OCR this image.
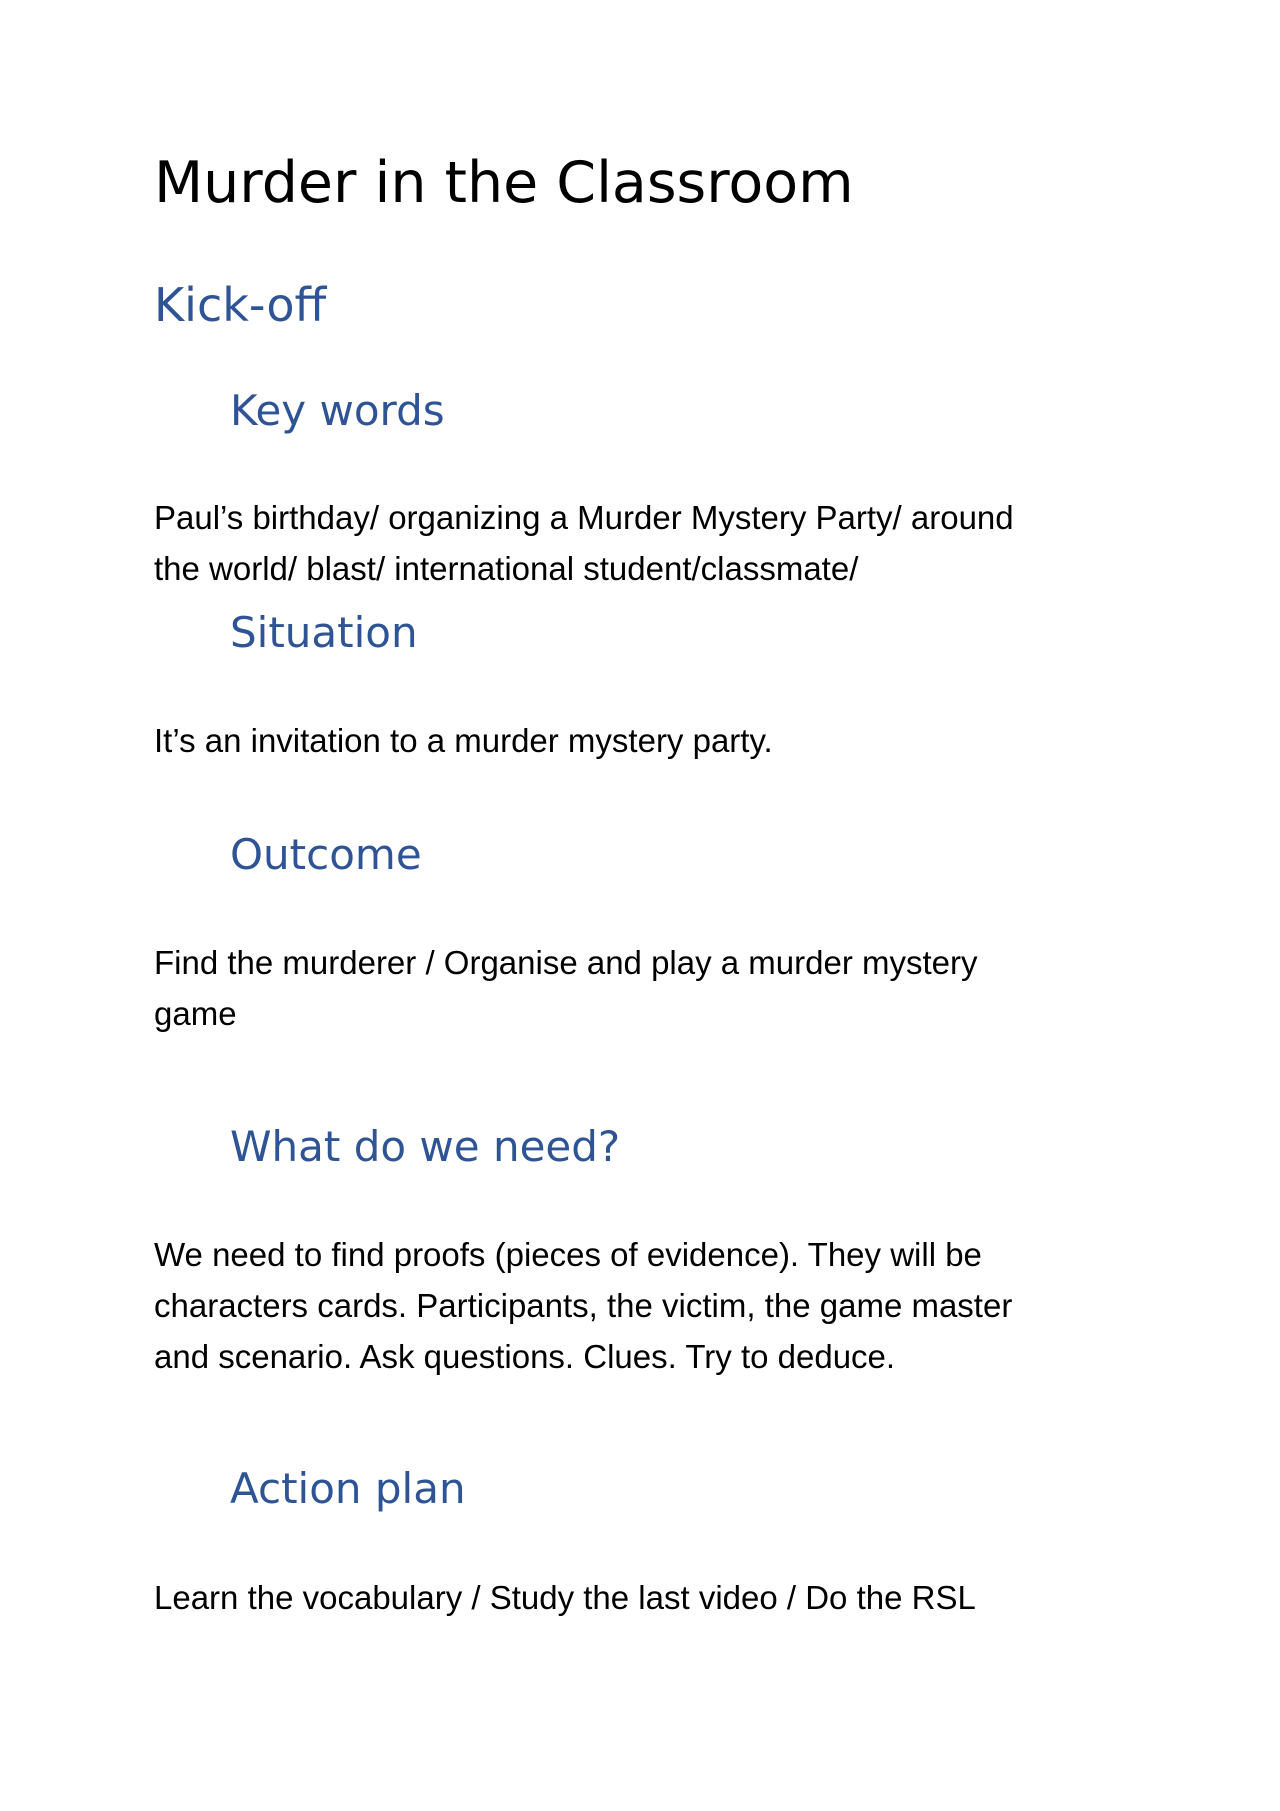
Murder in the Classroom
Kick-off
Key words
Paul’s birthday/ organizing a Murder Mystery Party/ around
the world/ blast/ international student/classmate/
Situation
It’s an invitation to a murder mystery party.
Outcome
Find the murderer / Organise and play a murder mystery
game
What do we need?
We need to find proofs (pieces of evidence). They will be
characters cards. Participants, the victim, the game master
and scenario. Ask questions. Clues. Try to deduce.
Action plan
Learn the vocabulary / Study the last video / Do the RSL
